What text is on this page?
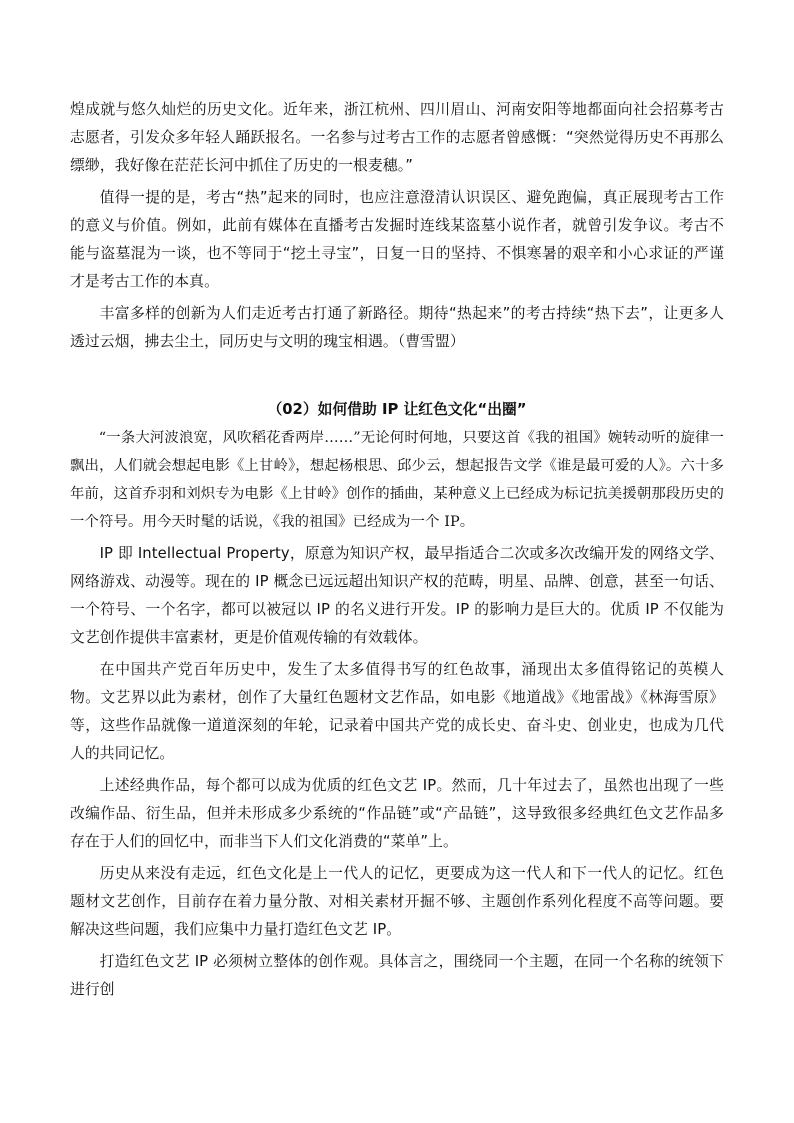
煌成就与悠久灿烂的历史文化。近年来，浙江杭州、四川眉山、河南安阳等地都面向社会招募考古志愿者，引发众多年轻人踊跃报名。一名参与过考古工作的志愿者曾感慨：“突然觉得历史不再那么缥缈，我好像在茫茫长河中抓住了历史的一根麦穗。”

值得一提的是，考古“热”起来的同时，也应注意澄清认识误区、避免跑偏，真正展现考古工作的意义与价值。例如，此前有媒体在直播考古发掘时连线某盗墓小说作者，就曾引发争议。考古不能与盗墓混为一谈，也不等同于“挖土寻宝”，日复一日的坚持、不惧寒暑的艰辛和小心求证的严谨才是考古工作的本真。

丰富多样的创新为人们走近考古打通了新路径。期待“热起来”的考古持续“热下去”，让更多人透过云烟，拂去尘土，同历史与文明的瑰宝相遇。（曹雪盟）

（02）如何借助 IP 让红色文化“出圈”

“一条大河波浪宽，风吹稻花香两岸……”无论何时何地，只要这首《我的祖国》婉转动听的旋律一飘出，人们就会想起电影《上甘岭》，想起杨根思、邱少云，想起报告文学《谁是最可爱的人》。六十多年前，这首乔羽和刘炽专为电影《上甘岭》创作的插曲，某种意义上已经成为标记抗美援朝那段历史的一个符号。用今天时髦的话说，《我的祖国》已经成为一个 IP。

IP 即 Intellectual Property，原意为知识产权，最早指适合二次或多次改编开发的网络文学、网络游戏、动漫等。现在的 IP 概念已远远超出知识产权的范畴，明星、品牌、创意，甚至一句话、一个符号、一个名字，都可以被冠以 IP 的名义进行开发。IP 的影响力是巨大的。优质 IP 不仅能为文艺创作提供丰富素材，更是价值观传输的有效载体。

在中国共产党百年历史中，发生了太多值得书写的红色故事，涌现出太多值得铭记的英模人物。文艺界以此为素材，创作了大量红色题材文艺作品，如电影《地道战》《地雷战》《林海雪原》等，这些作品就像一道道深刻的年轮，记录着中国共产党的成长史、奋斗史、创业史，也成为几代人的共同记忆。

上述经典作品，每个都可以成为优质的红色文艺 IP。然而，几十年过去了，虽然也出现了一些改编作品、衍生品，但并未形成多少系统的“作品链”或“产品链”，这导致很多经典红色文艺作品多存在于人们的回忆中，而非当下人们文化消费的“菜单”上。

历史从来没有走远，红色文化是上一代人的记忆，更要成为这一代人和下一代人的记忆。红色题材文艺创作，目前存在着力量分散、对相关素材开掘不够、主题创作系列化程度不高等问题。要解决这些问题，我们应集中力量打造红色文艺 IP。

打造红色文艺 IP 必须树立整体的创作观。具体言之，围绕同一个主题，在同一个名称的统领下进行创
